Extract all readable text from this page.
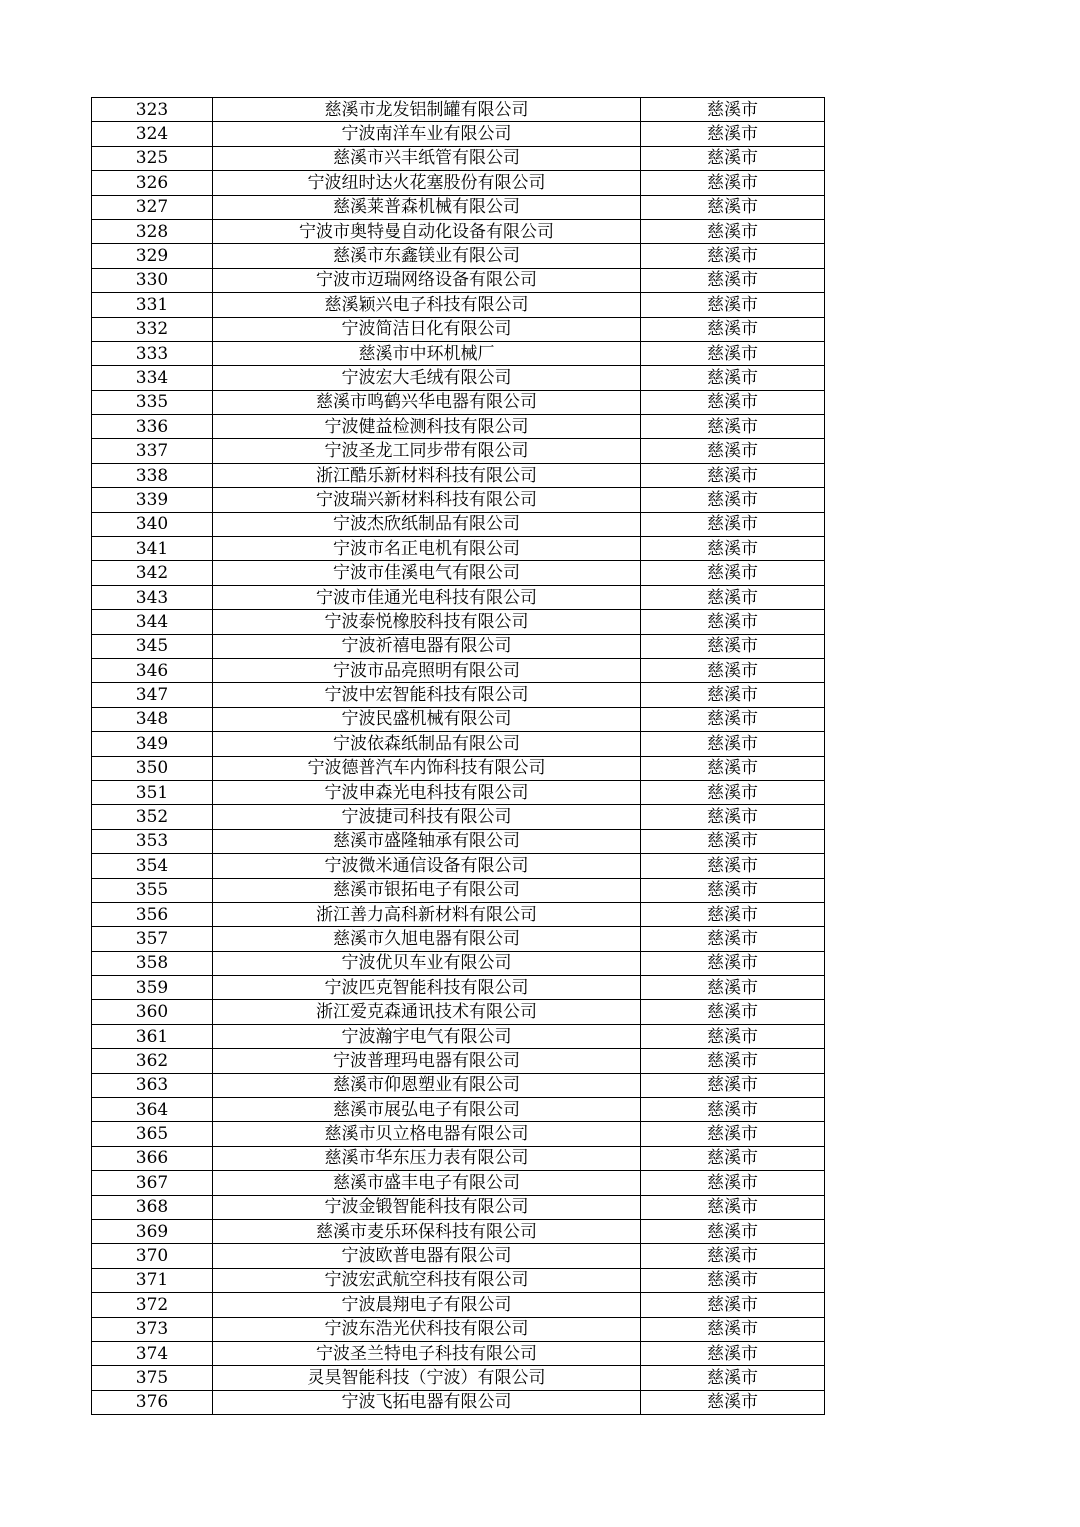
323	慈溪市龙发铝制罐有限公司	慈溪市
324	宁波南洋车业有限公司	慈溪市
325	慈溪市兴丰纸管有限公司	慈溪市
326	宁波纽时达火花塞股份有限公司	慈溪市
327	慈溪莱普森机械有限公司	慈溪市
328	宁波市奥特曼自动化设备有限公司	慈溪市
329	慈溪市东鑫镁业有限公司	慈溪市
330	宁波市迈瑞网络设备有限公司	慈溪市
331	慈溪颖兴电子科技有限公司	慈溪市
332	宁波简洁日化有限公司	慈溪市
333	慈溪市中环机械厂	慈溪市
334	宁波宏大毛绒有限公司	慈溪市
335	慈溪市鸣鹤兴华电器有限公司	慈溪市
336	宁波健益检测科技有限公司	慈溪市
337	宁波圣龙工同步带有限公司	慈溪市
338	浙江酷乐新材料科技有限公司	慈溪市
339	宁波瑞兴新材料科技有限公司	慈溪市
340	宁波杰欣纸制品有限公司	慈溪市
341	宁波市名正电机有限公司	慈溪市
342	宁波市佳溪电气有限公司	慈溪市
343	宁波市佳通光电科技有限公司	慈溪市
344	宁波泰悦橡胶科技有限公司	慈溪市
345	宁波祈禧电器有限公司	慈溪市
346	宁波市品亮照明有限公司	慈溪市
347	宁波中宏智能科技有限公司	慈溪市
348	宁波民盛机械有限公司	慈溪市
349	宁波依森纸制品有限公司	慈溪市
350	宁波德普汽车内饰科技有限公司	慈溪市
351	宁波申森光电科技有限公司	慈溪市
352	宁波捷司科技有限公司	慈溪市
353	慈溪市盛隆轴承有限公司	慈溪市
354	宁波微米通信设备有限公司	慈溪市
355	慈溪市银拓电子有限公司	慈溪市
356	浙江善力高科新材料有限公司	慈溪市
357	慈溪市久旭电器有限公司	慈溪市
358	宁波优贝车业有限公司	慈溪市
359	宁波匹克智能科技有限公司	慈溪市
360	浙江爱克森通讯技术有限公司	慈溪市
361	宁波瀚宇电气有限公司	慈溪市
362	宁波普理玛电器有限公司	慈溪市
363	慈溪市仰恩塑业有限公司	慈溪市
364	慈溪市展弘电子有限公司	慈溪市
365	慈溪市贝立格电器有限公司	慈溪市
366	慈溪市华东压力表有限公司	慈溪市
367	慈溪市盛丰电子有限公司	慈溪市
368	宁波金锻智能科技有限公司	慈溪市
369	慈溪市麦乐环保科技有限公司	慈溪市
370	宁波欧普电器有限公司	慈溪市
371	宁波宏武航空科技有限公司	慈溪市
372	宁波晨翔电子有限公司	慈溪市
373	宁波东浩光伏科技有限公司	慈溪市
374	宁波圣兰特电子科技有限公司	慈溪市
375	灵昊智能科技（宁波）有限公司	慈溪市
376	宁波飞拓电器有限公司	慈溪市
